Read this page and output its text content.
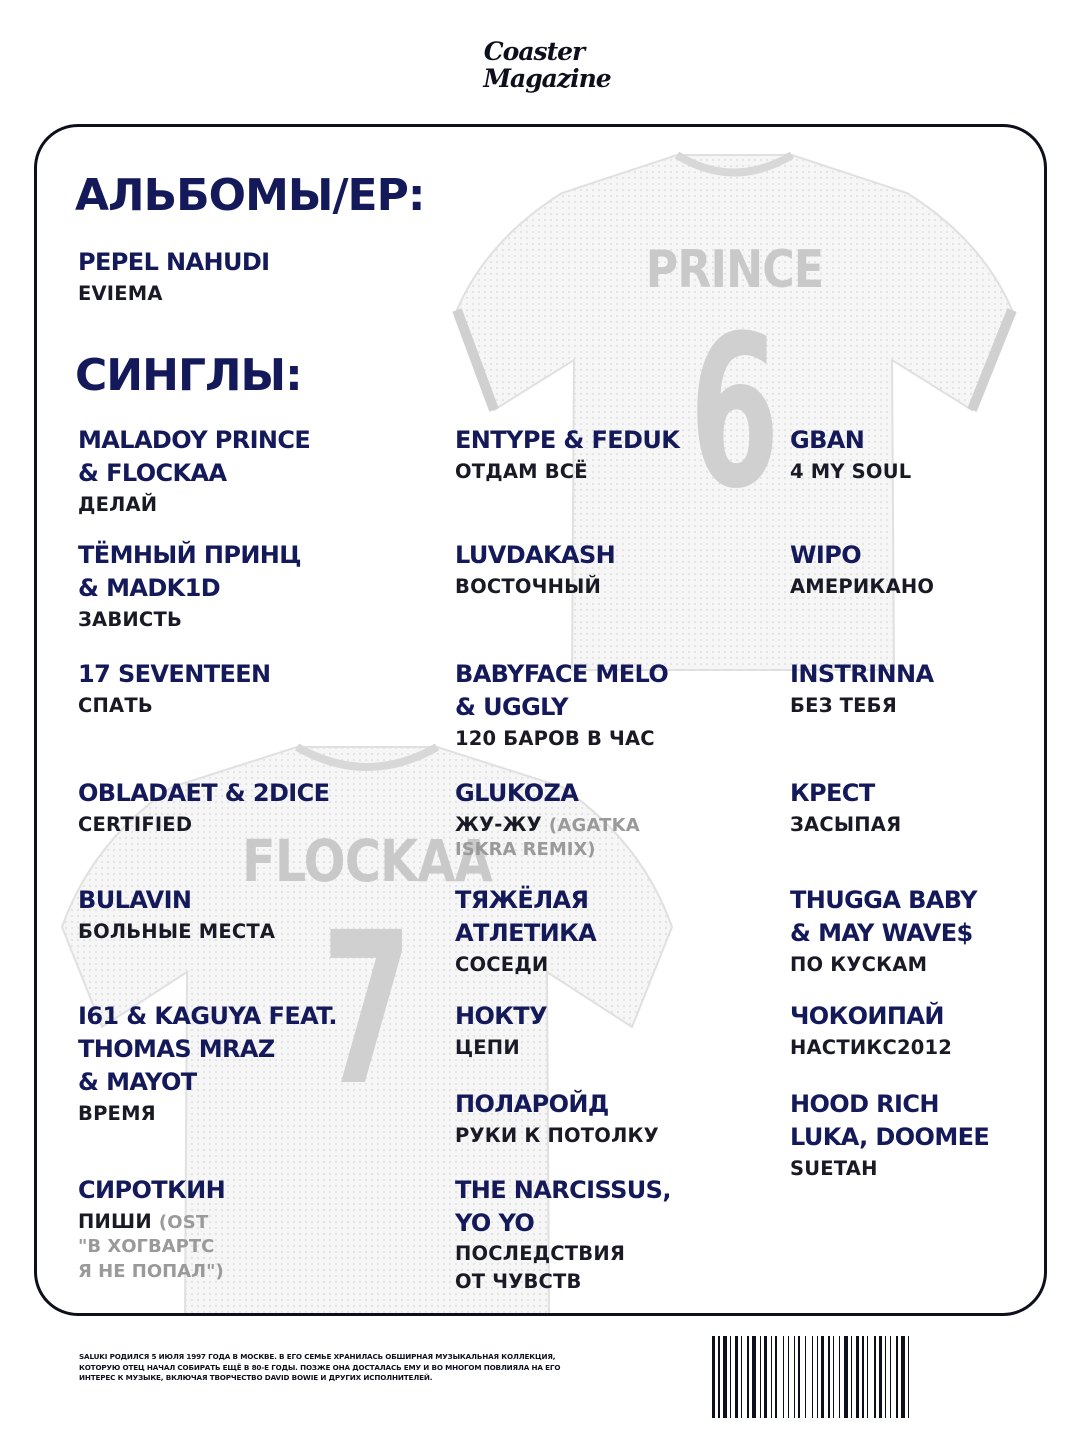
Coaster
Magazine
PRINCE
6
FLOCKAA
7
АЛЬБОМЫ/EP:
PEPEL NAHUDI
EVIEMA
СИНГЛЫ:
MALADOY PRINCE
& FLOCKAA
ДЕЛАЙ
ENTYPE & FEDUK
ОТДАМ ВСЁ
GBAN
4 MY SOUL
ТЁМНЫЙ ПРИНЦ
& MADK1D
ЗАВИСТЬ
LUVDAKASH
ВОСТОЧНЫЙ
WIPO
АМЕРИКАНО
17 SEVENTEEN
СПАТЬ
BABYFACE MELO
& UGGLY
120 БАРОВ В ЧАС
INSTRINNA
БЕЗ ТЕБЯ
OBLADAET & 2DICE
CERTIFIED
GLUKOZA
ЖУ-ЖУ (AGATKA
ISKRA REMIX)
КРЕСТ
ЗАСЫПАЯ
BULAVIN
БОЛЬНЫЕ МЕСТА
ТЯЖЁЛАЯ
АТЛЕТИКА
СОСЕДИ
THUGGA BABY
& MAY WAVE$
ПО КУСКАМ
I61 & KAGUYA FEAT.
THOMAS MRAZ
& MAYOT
ВРЕМЯ
НОКТУ
ЦЕПИ
ЧОКОИПАЙ
НАСТИКС2012
ПОЛАРОЙД
РУКИ К ПОТОЛКУ
HOOD RICH
LUKA, DOOMEE
SUETAH
СИРОТКИН
ПИШИ (OST
"В ХОГВАРТС
Я НЕ ПОПАЛ")
THE NARCISSUS,
YO YO
ПОСЛЕДСТВИЯ
ОТ ЧУВСТВ
SALUKI РОДИЛСЯ 5 ИЮЛЯ 1997 ГОДА В МОСКВЕ. В ЕГО СЕМЬЕ ХРАНИЛАСЬ ОБШИРНАЯ МУЗЫКАЛЬНАЯ КОЛЛЕКЦИЯ, КОТОРУЮ ОТЕЦ НАЧАЛ СОБИРАТЬ ЕЩЁ В 80-Е ГОДЫ. ПОЗЖЕ ОНА ДОСТАЛАСЬ ЕМУ И ВО МНОГОМ ПОВЛИЯЛА НА ЕГО ИНТЕРЕС К МУЗЫКЕ, ВКЛЮЧАЯ ТВОРЧЕСТВО DAVID BOWIE И ДРУГИХ ИСПОЛНИТЕЛЕЙ.
